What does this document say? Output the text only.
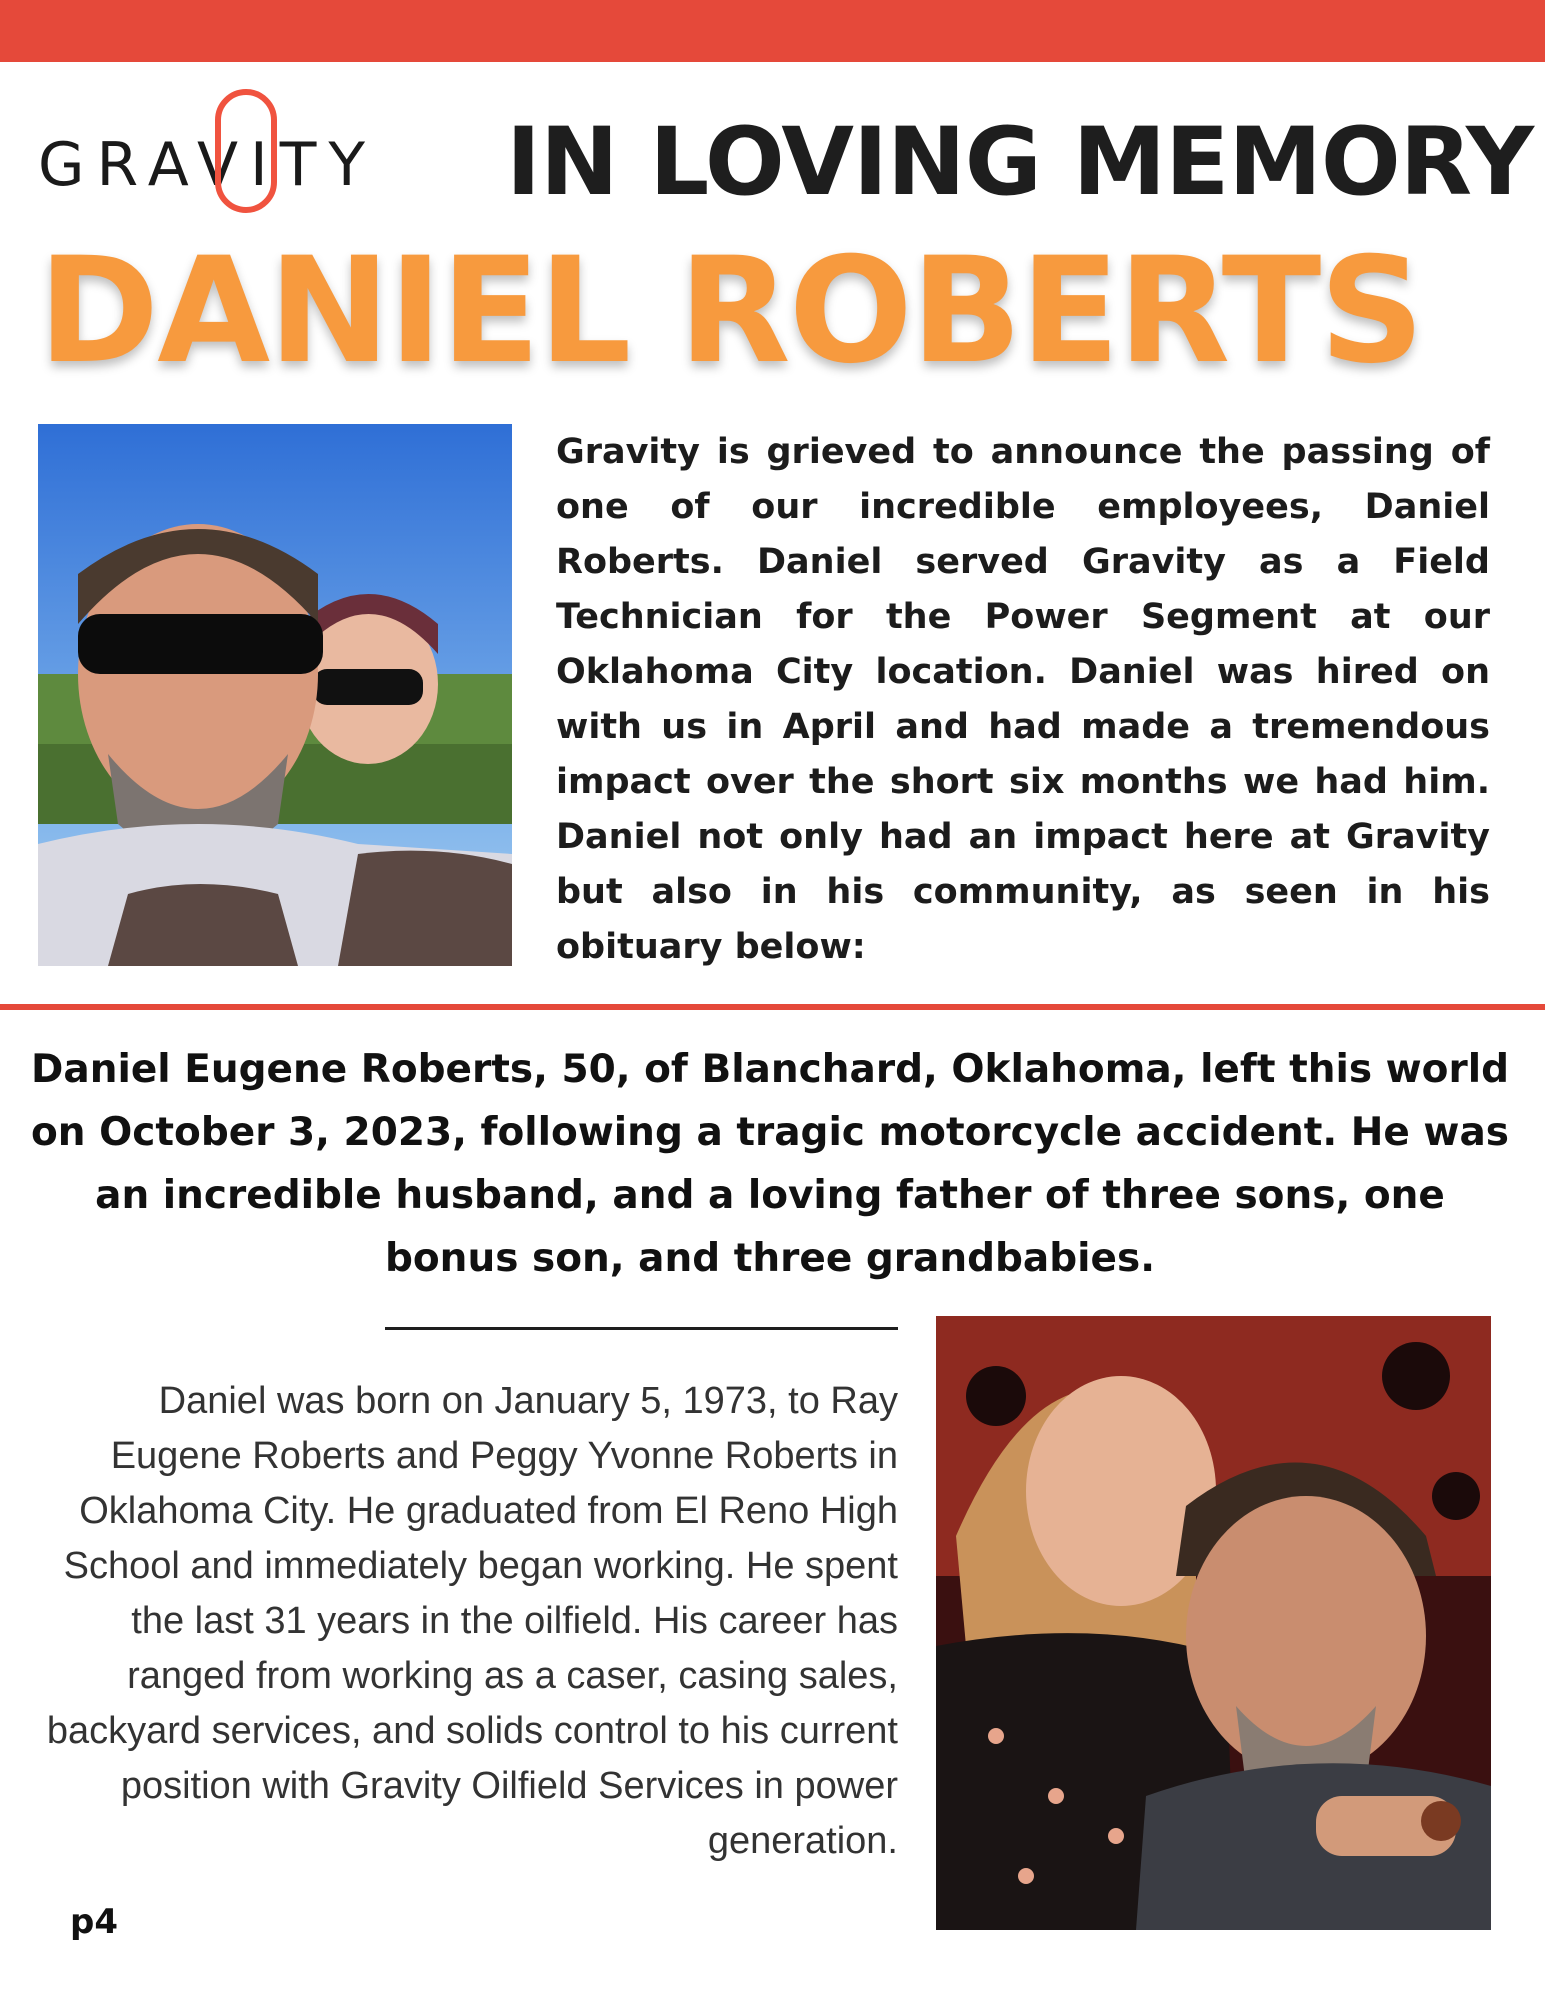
GRAVITY	IN LOVING MEMORY
DANIEL ROBERTS
Gravity is grieved to announce the passing of one of our incredible employees, Daniel Roberts. Daniel served Gravity as a Field Technician for the Power Segment at our Oklahoma City location. Daniel was hired on with us in April and had made a tremendous impact over the short six months we had him. Daniel not only had an impact here at Gravity but also in his community, as seen in his obituary below:
Daniel Eugene Roberts, 50, of Blanchard, Oklahoma, left this world on October 3, 2023, following a tragic motorcycle accident. He was an incredible husband, and a loving father of three sons, one bonus son, and three grandbabies.
Daniel was born on January 5, 1973, to Ray Eugene Roberts and Peggy Yvonne Roberts in Oklahoma City. He graduated from El Reno High School and immediately began working. He spent the last 31 years in the oilfield. His career has ranged from working as a caser, casing sales, backyard services, and solids control to his current position with Gravity Oilfield Services in power generation.
p4
